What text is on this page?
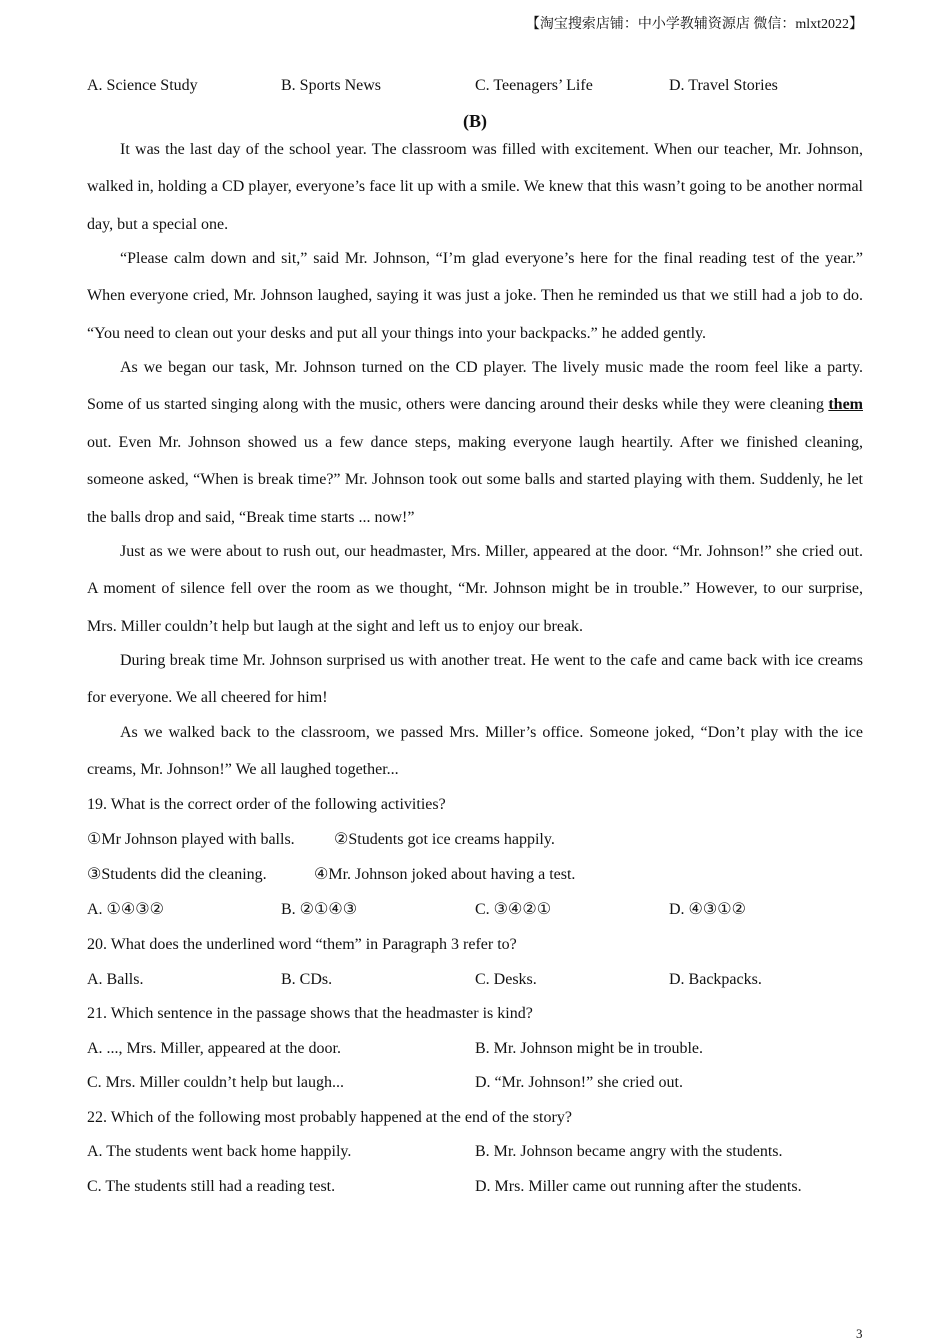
【淘宝搜索店铺：中小学教辅资源店 微信：mlxt2022】
A. Science Study	B. Sports News	C. Teenagers’ Life	D. Travel Stories
(B)

It was the last day of the school year. The classroom was filled with excitement. When our teacher, Mr. Johnson, walked in, holding a CD player, everyone’s face lit up with a smile. We knew that this wasn’t going to be another normal day, but a special one.

“Please calm down and sit,” said Mr. Johnson, “I’m glad everyone’s here for the final reading test of the year.” When everyone cried, Mr. Johnson laughed, saying it was just a joke. Then he reminded us that we still had a job to do. “You need to clean out your desks and put all your things into your backpacks.” he added gently.

As we began our task, Mr. Johnson turned on the CD player. The lively music made the room feel like a party. Some of us started singing along with the music, others were dancing around their desks while they were cleaning them out. Even Mr. Johnson showed us a few dance steps, making everyone laugh heartily. After we finished cleaning, someone asked, “When is break time?” Mr. Johnson took out some balls and started playing with them. Suddenly, he let the balls drop and said, “Break time starts ... now!”

Just as we were about to rush out, our headmaster, Mrs. Miller, appeared at the door. “Mr. Johnson!” she cried out. A moment of silence fell over the room as we thought, “Mr. Johnson might be in trouble.” However, to our surprise, Mrs. Miller couldn’t help but laugh at the sight and left us to enjoy our break.

During break time Mr. Johnson surprised us with another treat. He went to the cafe and came back with ice creams for everyone. We all cheered for him!

As we walked back to the classroom, we passed Mrs. Miller’s office. Someone joked, “Don’t play with the ice creams, Mr. Johnson!” We all laughed together...

19. What is the correct order of the following activities?
①Mr Johnson played with balls. ②Students got ice creams happily.
③Students did the cleaning.	④Mr. Johnson joked about having a test.
A. ①④③②	B. ②①④③	C. ③④②①	D. ④③①②
20. What does the underlined word “them” in Paragraph 3 refer to?
A. Balls.	B. CDs.	C. Desks.	D. Backpacks.
21. Which sentence in the passage shows that the headmaster is kind?
A. ..., Mrs. Miller, appeared at the door.	B. Mr. Johnson might be in trouble.
C. Mrs. Miller couldn’t help but laugh...	D. “Mr. Johnson!” she cried out.
22. Which of the following most probably happened at the end of the story?
A. The students went back home happily.	B. Mr. Johnson became angry with the students.
C. The students still had a reading test.	D. Mrs. Miller came out running after the students.
3
